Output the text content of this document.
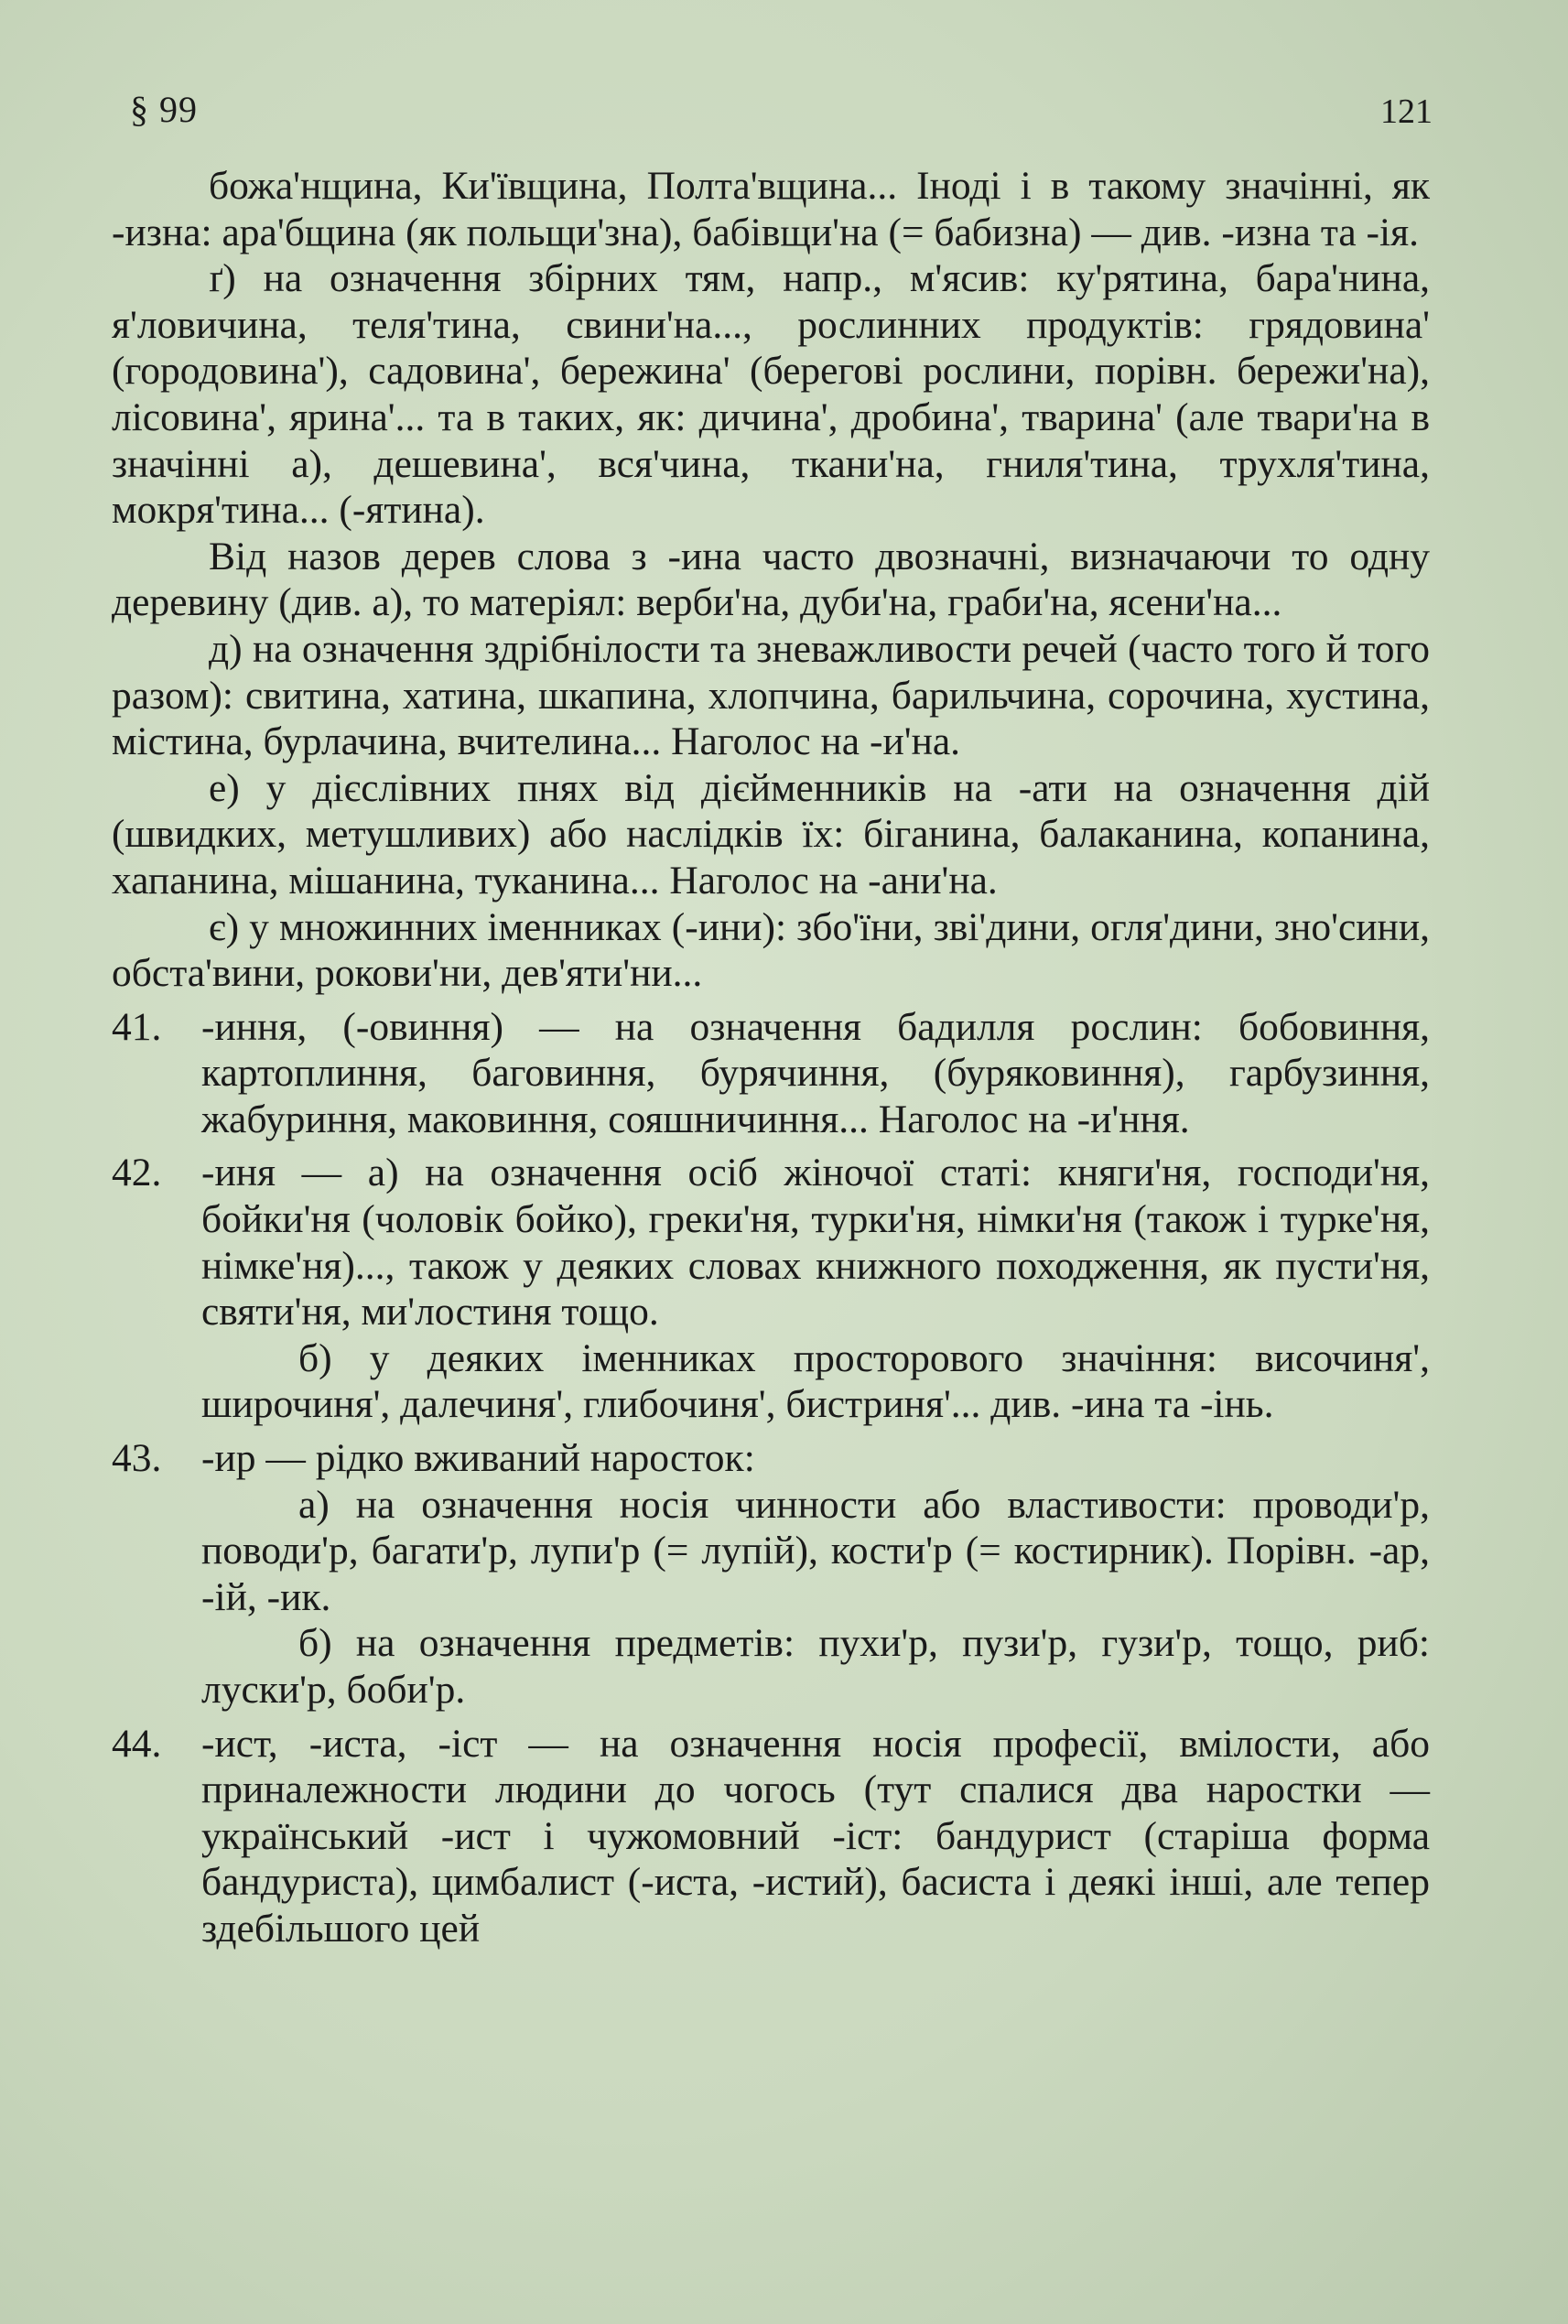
§ 99	121

божа'нщина, Ки'ївщина, Полта'вщина... Іноді і в такому значінні, як -изна: ара'бщина (як польщи'зна), бабівщи'на (= бабизна) — див. -изна та -ія.

ґ) на означення збірних тям, напр., м'ясив: ку'рятина, бара'нина, я'ловичина, теля'тина, свини'на..., рослинних продуктів: грядовина' (городовина'), садовина', бережина' (берегові рослини, порівн. бережи'на), лісовина', ярина'... та в таких, як: дичина', дробина', тварина' (але твари'на в значінні а), дешевина', вся'чина, ткани'на, гниля'тина, трухля'тина, мокря'тина... (-ятина).

Від назов дерев слова з -ина часто двозначні, визначаючи то одну деревину (див. а), то матеріял: верби'на, дуби'на, граби'на, ясени'на...

д) на означення здрібнілости та зневажливости речей (часто того й того разом): свитина, хатина, шкапина, хлопчина, барильчина, сорочина, хустина, містина, бурлачина, вчителина... Наголос на -и'на.

е) у дієслівних пнях від дієйменників на -ати на означення дій (швидких, метушливих) або наслідків їх: біганина, балаканина, копанина, хапанина, мішанина, туканина... Наголос на -ани'на.

є) у множинних іменниках (-ини): збо'їни, зві'дини, огля'дини, зно'сини, обста'вини, рокови'ни, дев'яти'ни...

41. -иння, (-овиння) — на означення бадилля рослин: бобовиння, картоплиння, баговиння, бурячиння, (буряковиння), гарбузиння, жабуриння, маковиння, сояшничиння... Наголос на -и'ння.

42. -иня — а) на означення осіб жіночої статі: княги'ня, господи'ня, бойки'ня (чоловік бойко), греки'ня, турки'ня, німки'ня (також і турке'ня, німке'ня)..., також у деяких словах книжного походження, як пусти'ня, святи'ня, ми'лостиня тощо.

б) у деяких іменниках просторового значіння: височиня', широчиня', далечиня', глибочиня', бистриня'... див. -ина та -інь.

43. -ир — рідко вживаний наросток:

а) на означення носія чинности або властивости: проводи'р, поводи'р, багати'р, лупи'р (= лупій), кости'р (= костирник). Порівн. -ар, -ій, -ик.

б) на означення предметів: пухи'р, пузи'р, гузи'р, тощо, риб: луски'р, боби'р.

44. -ист, -иста, -іст — на означення носія професії, вмілости, або приналежности людини до чогось (тут спалися два наростки — український -ист і чужомовний -іст: бандурист (старіша форма бандуриста), цимбалист (-иста, -истий), басиста і деякі інші, але тепер здебільшого цей
